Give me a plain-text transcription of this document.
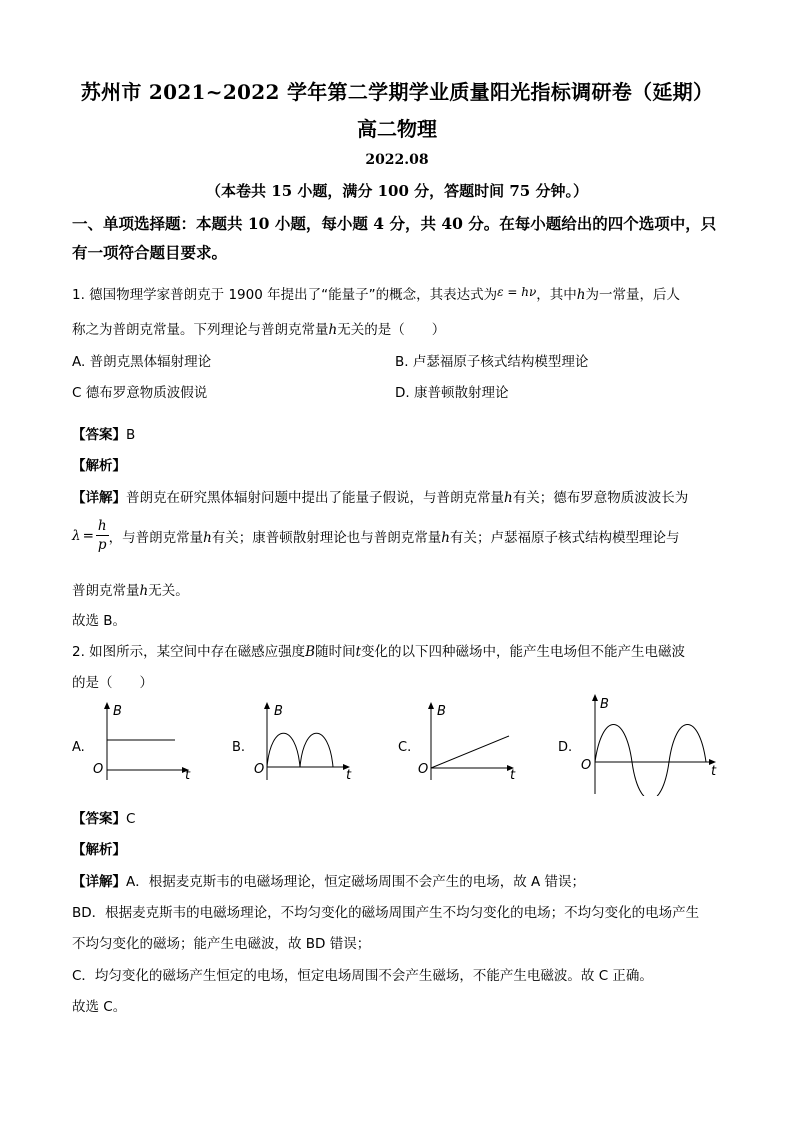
苏州市 2021~2022 学年第二学期学业质量阳光指标调研卷（延期）
高二物理
2022.08
（本卷共 15 小题，满分 100 分，答题时间 75 分钟。）
一、单项选择题：本题共 10 小题，每小题 4 分，共 40 分。在每小题给出的四个选项中，只有一项符合题目要求。
1. 德国物理学家普朗克于 1900 年提出了“能量子”的概念，其表达式为ε = hν，其中h为一常量，后人
称之为普朗克常量。下列理论与普朗克常量h无关的是（　　）
A. 普朗克黑体辐射理论	B. 卢瑟福原子核式结构模型理论
C 德布罗意物质波假说	D. 康普顿散射理论
【答案】B
【解析】
【详解】普朗克在研究黑体辐射问题中提出了能量子假说，与普朗克常量h有关；德布罗意物质波波长为
$\lambda = \frac{h}{p}$ ，与普朗克常量h有关；康普顿散射理论也与普朗克常量h有关；卢瑟福原子核式结构模型理论与
普朗克常量h无关。
故选 B。
2. 如图所示，某空间中存在磁感应强度B随时间t变化的以下四种磁场中，能产生电场但不能产生电磁波
的是（　　）
A.
B
O	t
B.
B
O	t
C.
B
O	t
D.
B
O	t
【答案】C
【解析】
【详解】A．根据麦克斯韦的电磁场理论，恒定磁场周围不会产生的电场，故 A 错误；
BD．根据麦克斯韦的电磁场理论，不均匀变化的磁场周围产生不均匀变化的电场；不均匀变化的电场产生
不均匀变化的磁场；能产生电磁波，故 BD 错误；
C．均匀变化的磁场产生恒定的电场，恒定电场周围不会产生磁场，不能产生电磁波。故 C 正确。
故选 C。
